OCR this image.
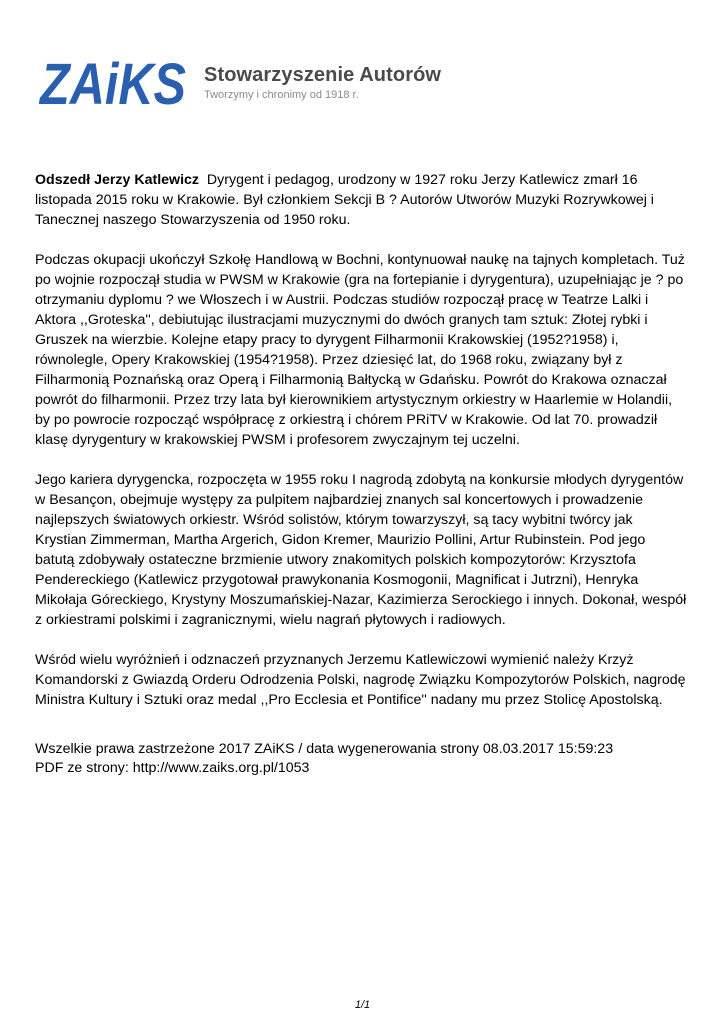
ZAiKS Stowarzyszenie Autorów
Tworzymy i chronimy od 1918 r.

Odszedł Jerzy Katlewicz Dyrygent i pedagog, urodzony w 1927 roku Jerzy Katlewicz zmarł 16 listopada 2015 roku w Krakowie. Był członkiem Sekcji B ? Autorów Utworów Muzyki Rozrywkowej i Tanecznej naszego Stowarzyszenia od 1950 roku.

Podczas okupacji ukończył Szkołę Handlową w Bochni, kontynuował naukę na tajnych kompletach. Tuż po wojnie rozpoczął studia w PWSM w Krakowie (gra na fortepianie i dyrygentura), uzupełniając je ? po otrzymaniu dyplomu ? we Włoszech i w Austrii. Podczas studiów rozpoczął pracę w Teatrze Lalki i Aktora ,,Groteska'', debiutując ilustracjami muzycznymi do dwóch granych tam sztuk: Złotej rybki i Gruszek na wierzbie. Kolejne etapy pracy to dyrygent Filharmonii Krakowskiej (1952?1958) i, równolegle, Opery Krakowskiej (1954?1958). Przez dziesięć lat, do 1968 roku, związany był z Filharmonią Poznańską oraz Operą i Filharmonią Bałtycką w Gdańsku. Powrót do Krakowa oznaczał powrót do filharmonii. Przez trzy lata był kierownikiem artystycznym orkiestry w Haarlemie w Holandii, by po powrocie rozpocząć współpracę z orkiestrą i chórem PRiTV w Krakowie. Od lat 70. prowadził klasę dyrygentury w krakowskiej PWSM i profesorem zwyczajnym tej uczelni.

Jego kariera dyrygencka, rozpoczęta w 1955 roku I nagrodą zdobytą na konkursie młodych dyrygentów w Besançon, obejmuje występy za pulpitem najbardziej znanych sal koncertowych i prowadzenie najlepszych światowych orkiestr. Wśród solistów, którym towarzyszył, są tacy wybitni twórcy jak Krystian Zimmerman, Martha Argerich, Gidon Kremer, Maurizio Pollini, Artur Rubinstein. Pod jego batutą zdobywały ostateczne brzmienie utwory znakomitych polskich kompozytorów: Krzysztofa Pendereckiego (Katlewicz przygotował prawykonania Kosmogonii, Magnificat i Jutrzni), Henryka Mikołaja Góreckiego, Krystyny Moszumańskiej-Nazar, Kazimierza Serockiego i innych. Dokonał, wespół z orkiestrami polskimi i zagranicznymi, wielu nagrań płytowych i radiowych.

Wśród wielu wyróżnień i odznaczeń przyznanych Jerzemu Katlewiczowi wymienić należy Krzyż Komandorski z Gwiazdą Orderu Odrodzenia Polski, nagrodę Związku Kompozytorów Polskich, nagrodę Ministra Kultury i Sztuki oraz medal ,,Pro Ecclesia et Pontifice'' nadany mu przez Stolicę Apostolską.

Wszelkie prawa zastrzeżone 2017 ZAiKS / data wygenerowania strony 08.03.2017 15:59:23
PDF ze strony: http://www.zaiks.org.pl/1053
1/1
